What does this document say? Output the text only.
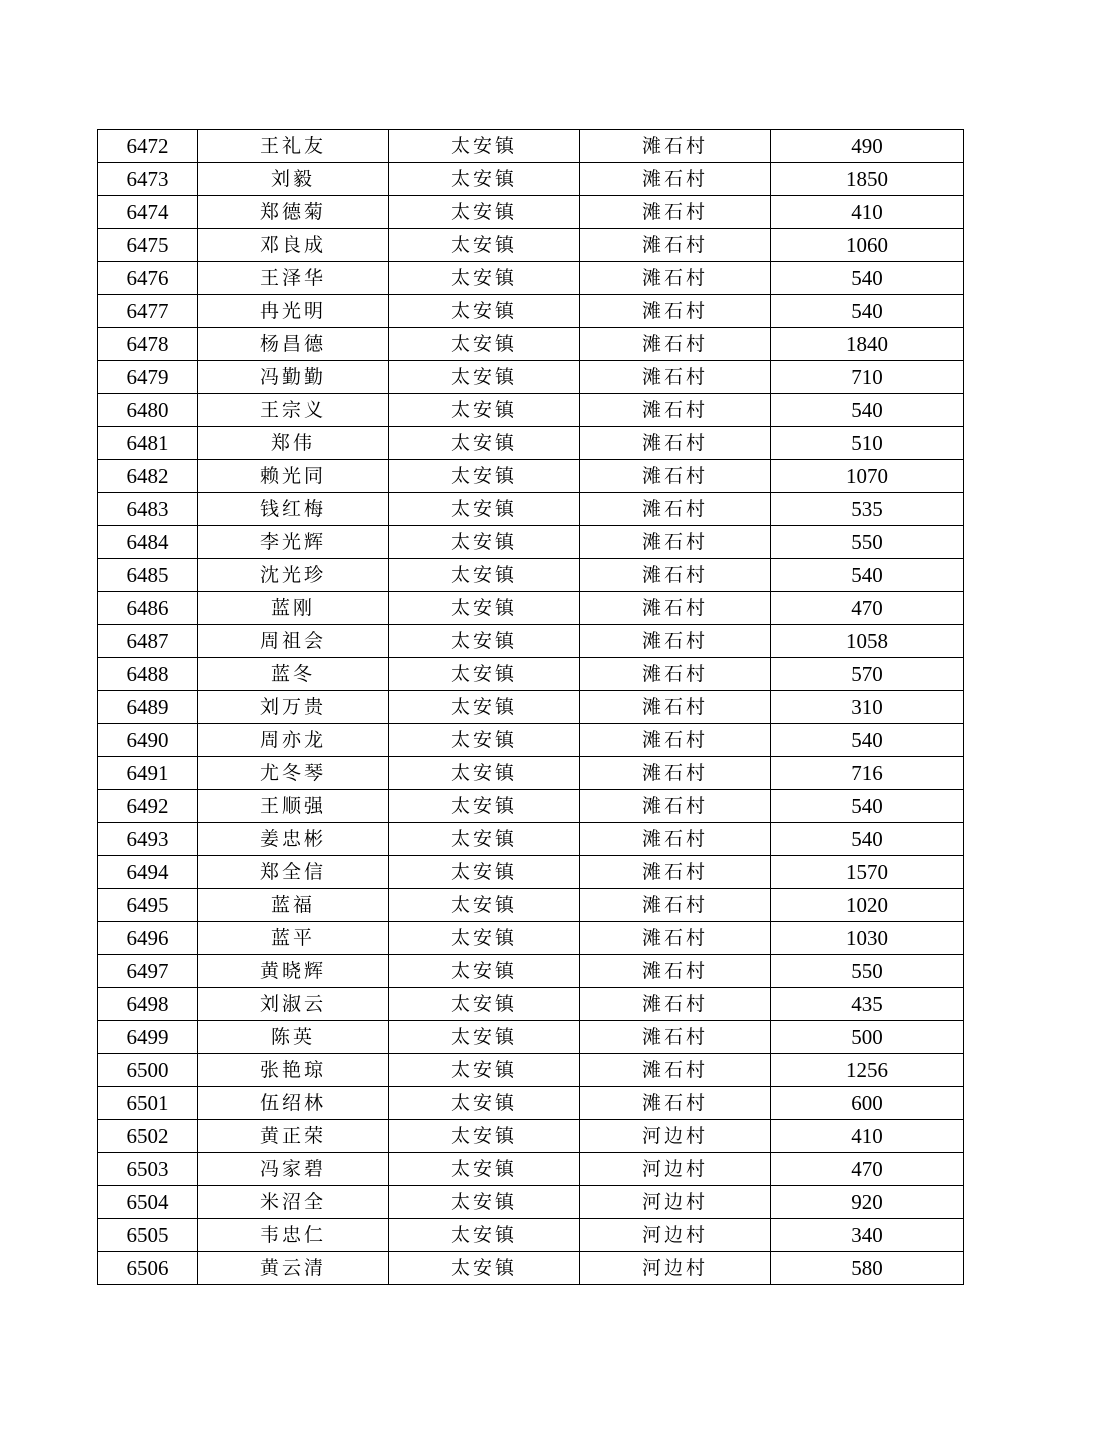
6472	王礼友	太安镇	滩石村	490
6473	刘毅	太安镇	滩石村	1850
6474	郑德菊	太安镇	滩石村	410
6475	邓良成	太安镇	滩石村	1060
6476	王泽华	太安镇	滩石村	540
6477	冉光明	太安镇	滩石村	540
6478	杨昌德	太安镇	滩石村	1840
6479	冯勤勤	太安镇	滩石村	710
6480	王宗义	太安镇	滩石村	540
6481	郑伟	太安镇	滩石村	510
6482	赖光同	太安镇	滩石村	1070
6483	钱红梅	太安镇	滩石村	535
6484	李光辉	太安镇	滩石村	550
6485	沈光珍	太安镇	滩石村	540
6486	蓝刚	太安镇	滩石村	470
6487	周祖会	太安镇	滩石村	1058
6488	蓝冬	太安镇	滩石村	570
6489	刘万贵	太安镇	滩石村	310
6490	周亦龙	太安镇	滩石村	540
6491	尤冬琴	太安镇	滩石村	716
6492	王顺强	太安镇	滩石村	540
6493	姜忠彬	太安镇	滩石村	540
6494	郑全信	太安镇	滩石村	1570
6495	蓝福	太安镇	滩石村	1020
6496	蓝平	太安镇	滩石村	1030
6497	黄晓辉	太安镇	滩石村	550
6498	刘淑云	太安镇	滩石村	435
6499	陈英	太安镇	滩石村	500
6500	张艳琼	太安镇	滩石村	1256
6501	伍绍林	太安镇	滩石村	600
6502	黄正荣	太安镇	河边村	410
6503	冯家碧	太安镇	河边村	470
6504	米沼全	太安镇	河边村	920
6505	韦忠仁	太安镇	河边村	340
6506	黄云清	太安镇	河边村	580
